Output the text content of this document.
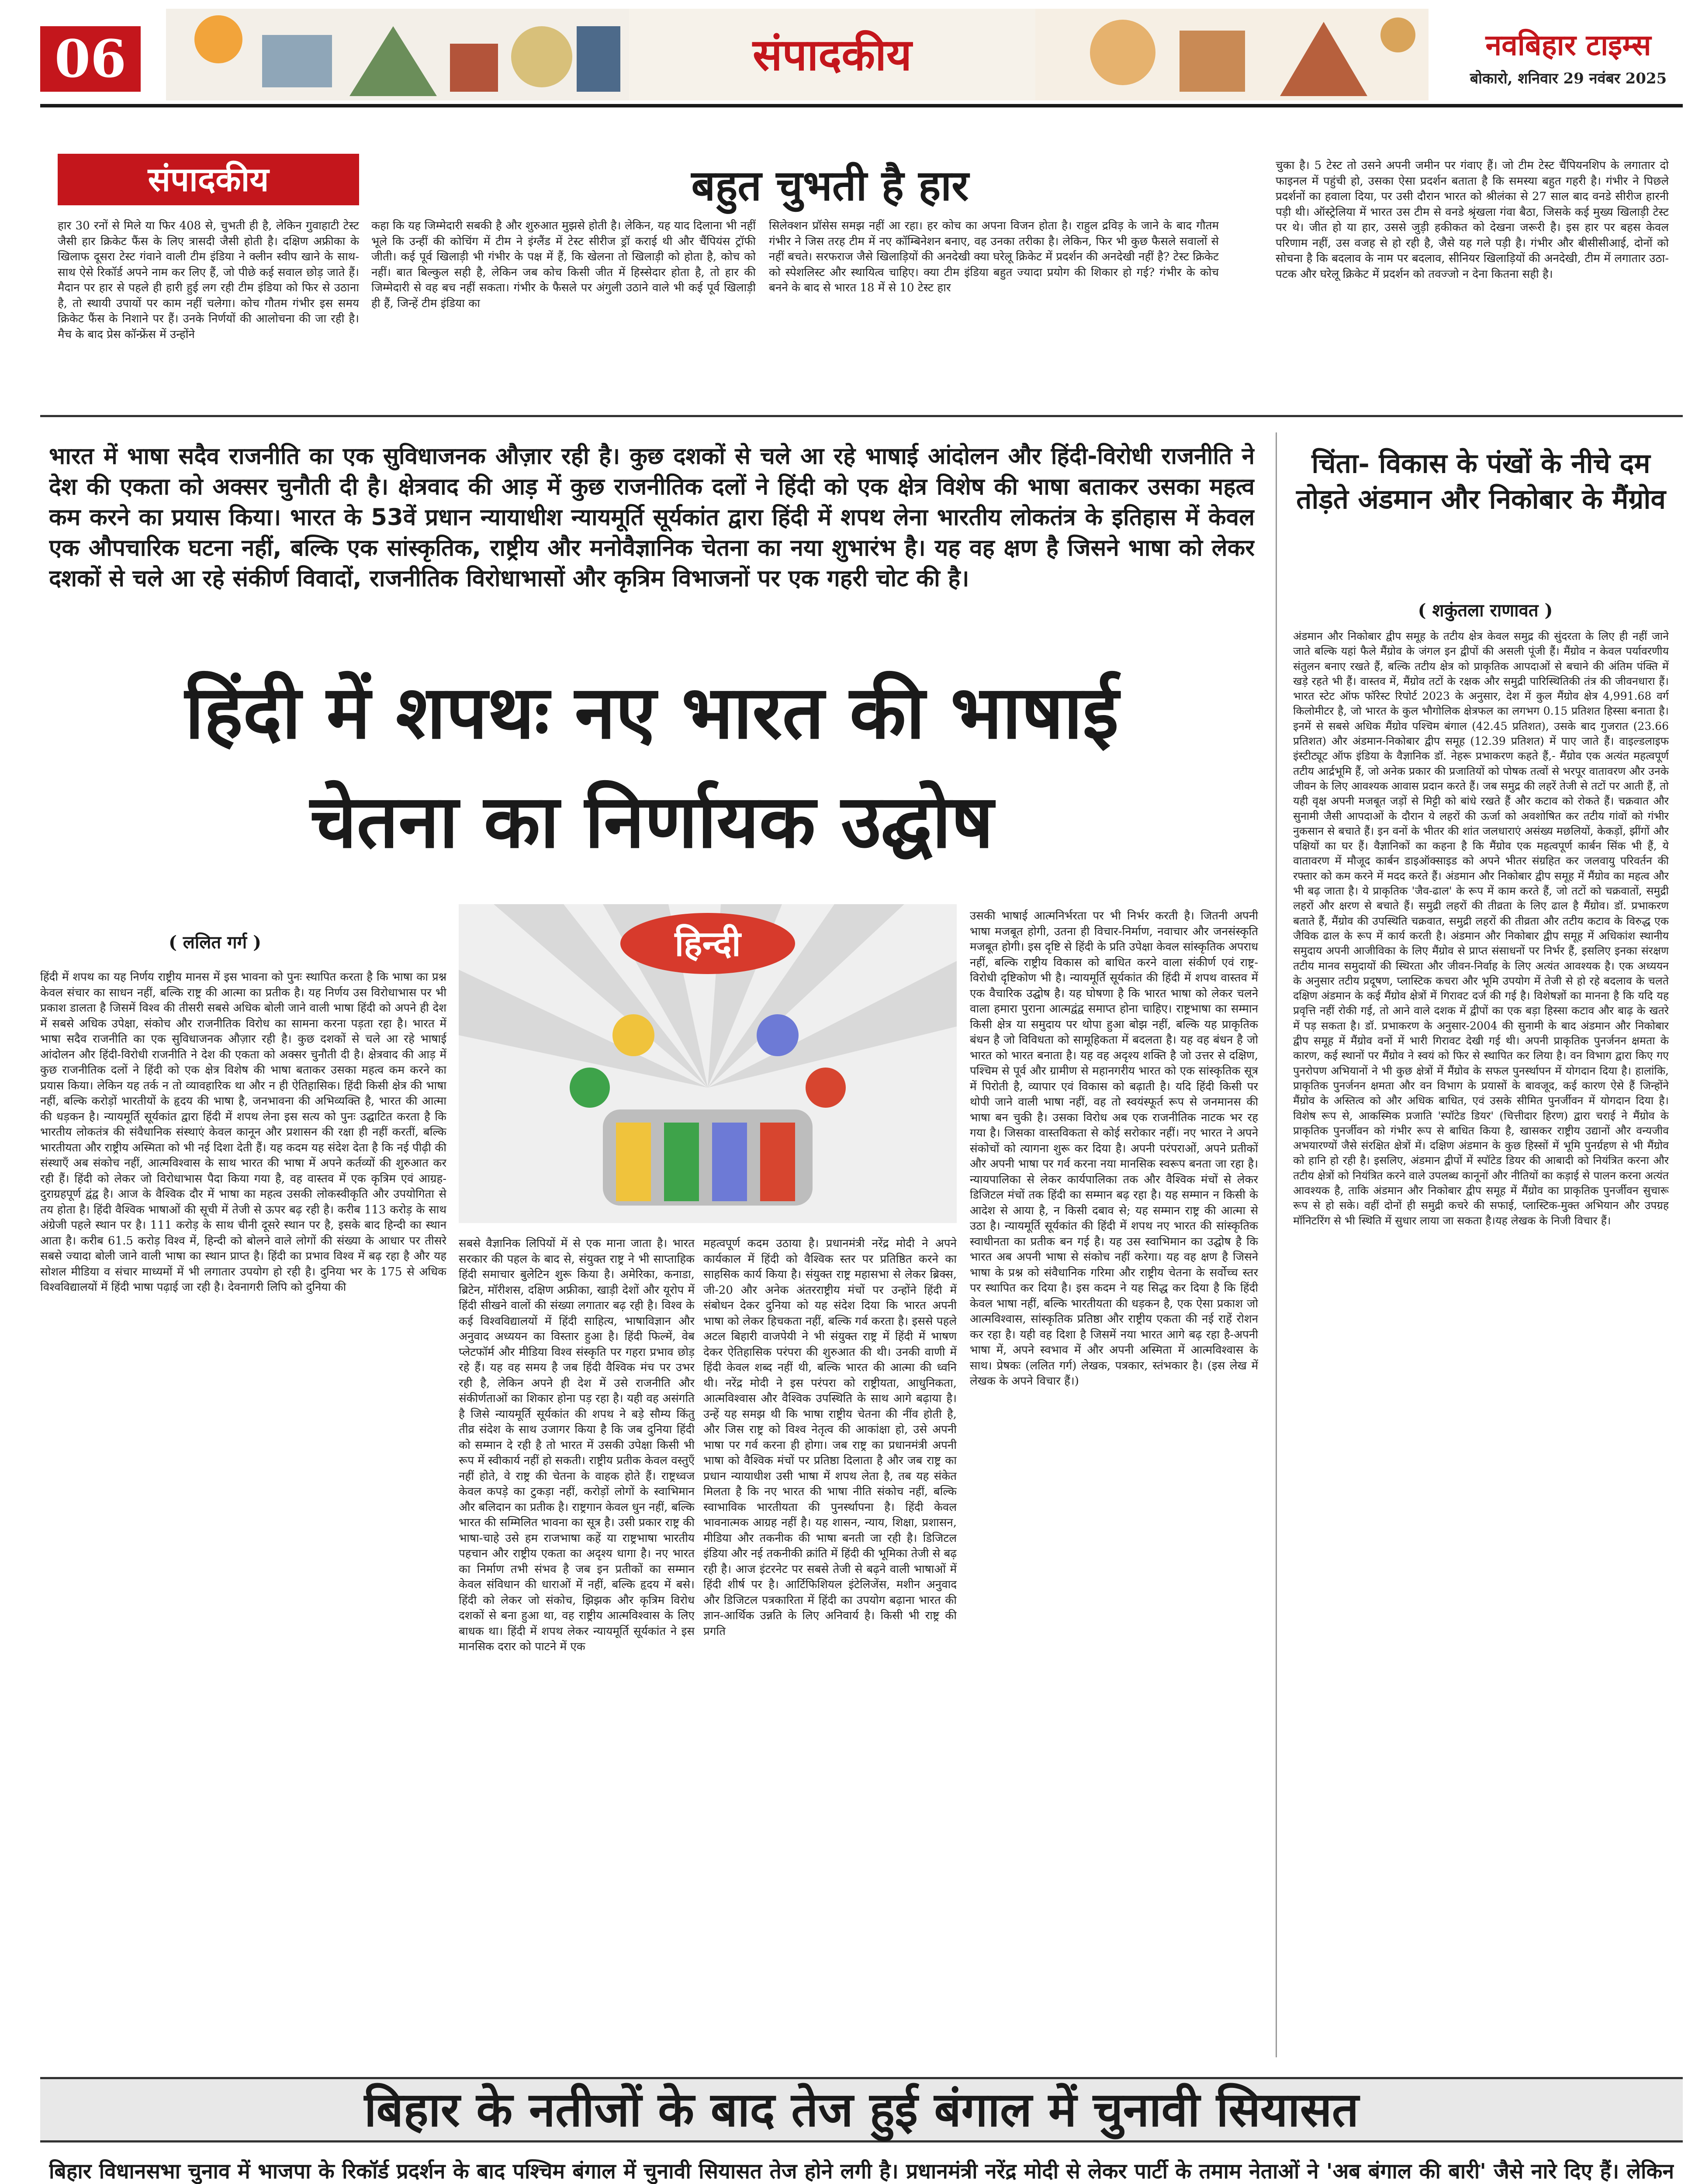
06	संपादकीय	नवबिहार टाइम्स
बोकारो, शनिवार 29 नवंबर 2025
संपादकीय	बहुत चुभती है हार
हार 30 रनों से मिले या फिर 408 से, चुभती ही है, लेकिन गुवाहाटी टेस्ट जैसी हार क्रिकेट फैंस के लिए त्रासदी जैसी होती है। दक्षिण अफ्रीका के खिलाफ दूसरा टेस्ट गंवाने वाली टीम इंडिया ने क्लीन स्वीप खाने के साथ-साथ ऐसे रिकॉर्ड अपने नाम कर लिए हैं, जो पीछे कई सवाल छोड़ जाते हैं। मैदान पर हार से पहले ही हारी हुई लग रही टीम इंडिया को फिर से उठाना है, तो स्थायी उपायों पर काम नहीं चलेगा। कोच गौतम गंभीर इस समय क्रिकेट फैंस के निशाने पर हैं। उनके निर्णयों की आलोचना की जा रही है। मैच के बाद प्रेस कॉन्फ्रेंस में उन्होंने
कहा कि यह जिम्मेदारी सबकी है और शुरुआत मुझसे होती है। लेकिन, यह याद दिलाना भी नहीं भूले कि उन्हीं की कोचिंग में टीम ने इंग्लैंड में टेस्ट सीरीज ड्रॉ कराई थी और चैंपियंस ट्रॉफी जीती। कई पूर्व खिलाड़ी भी गंभीर के पक्ष में हैं, कि खेलना तो खिलाड़ी को होता है, कोच को नहीं। बात बिल्कुल सही है, लेकिन जब कोच किसी जीत में हिस्सेदार होता है, तो हार की जिम्मेदारी से वह बच नहीं सकता। गंभीर के फैसले पर अंगुली उठाने वाले भी कई पूर्व खिलाड़ी ही हैं, जिन्हें टीम इंडिया का
सिलेक्शन प्रॉसेस समझ नहीं आ रहा। हर कोच का अपना विजन होता है। राहुल द्रविड़ के जाने के बाद गौतम गंभीर ने जिस तरह टीम में नए कॉम्बिनेशन बनाए, वह उनका तरीका है। लेकिन, फिर भी कुछ फैसले सवालों से नहीं बचते। सरफराज जैसे खिलाड़ियों की अनदेखी क्या घरेलू क्रिकेट में प्रदर्शन की अनदेखी नहीं है? टेस्ट क्रिकेट को स्पेशलिस्ट और स्थायित्व चाहिए। क्या टीम इंडिया बहुत ज्यादा प्रयोग की शिकार हो गई? गंभीर के कोच बनने के बाद से भारत 18 में से 10 टेस्ट हार
चुका है। 5 टेस्ट तो उसने अपनी जमीन पर गंवाए हैं। जो टीम टेस्ट चैंपियनशिप के लगातार दो फाइनल में पहुंची हो, उसका ऐसा प्रदर्शन बताता है कि समस्या बहुत गहरी है। गंभीर ने पिछले प्रदर्शनों का हवाला दिया, पर उसी दौरान भारत को श्रीलंका से 27 साल बाद वनडे सीरीज हारनी पड़ी थी। ऑस्ट्रेलिया में भारत उस टीम से वनडे श्रृंखला गंवा बैठा, जिसके कई मुख्य खिलाड़ी टेस्ट पर थे। जीत हो या हार, उससे जुड़ी हकीकत को देखना जरूरी है। इस हार पर बहस केवल परिणाम नहीं, उस वजह से हो रही है, जैसे यह गले पड़ी है। गंभीर और बीसीसीआई, दोनों को सोचना है कि बदलाव के नाम पर बदलाव, सीनियर खिलाड़ियों की अनदेखी, टीम में लगातार उठा-पटक और घरेलू क्रिकेट में प्रदर्शन को तवज्जो न देना कितना सही है।
भारत में भाषा सदैव राजनीति का एक सुविधाजनक औज़ार रही है। कुछ दशकों से चले आ रहे भाषाई आंदोलन और हिंदी-विरोधी राजनीति ने देश की एकता को अक्सर चुनौती दी है। क्षेत्रवाद की आड़ में कुछ राजनीतिक दलों ने हिंदी को एक क्षेत्र विशेष की भाषा बताकर उसका महत्व कम करने का प्रयास किया। भारत के 53वें प्रधान न्यायाधीश न्यायमूर्ति सूर्यकांत द्वारा हिंदी में शपथ लेना भारतीय लोकतंत्र के इतिहास में केवल एक औपचारिक घटना नहीं, बल्कि एक सांस्कृतिक, राष्ट्रीय और मनोवैज्ञानिक चेतना का नया शुभारंभ है। यह वह क्षण है जिसने भाषा को लेकर दशकों से चले आ रहे संकीर्ण विवादों, राजनीतिक विरोधाभासों और कृत्रिम विभाजनों पर एक गहरी चोट की है।
हिंदी में शपथः नए भारत की भाषाई
चेतना का निर्णायक उद्घोष
( ललित गर्ग )	हिन्दी
हिंदी में शपथ का यह निर्णय राष्ट्रीय मानस में इस भावना को पुनः स्थापित करता है कि भाषा का प्रश्न केवल संचार का साधन नहीं, बल्कि राष्ट्र की आत्मा का प्रतीक है। यह निर्णय उस विरोधाभास पर भी प्रकाश डालता है जिसमें विश्व की तीसरी सबसे अधिक बोली जाने वाली भाषा हिंदी को अपने ही देश में सबसे अधिक उपेक्षा, संकोच और राजनीतिक विरोध का सामना करना पड़ता रहा है। भारत में भाषा सदैव राजनीति का एक सुविधाजनक औज़ार रही है। कुछ दशकों से चले आ रहे भाषाई आंदोलन और हिंदी-विरोधी राजनीति ने देश की एकता को अक्सर चुनौती दी है। क्षेत्रवाद की आड़ में कुछ राजनीतिक दलों ने हिंदी को एक क्षेत्र विशेष की भाषा बताकर उसका महत्व कम करने का प्रयास किया। लेकिन यह तर्क न तो व्यावहारिक था और न ही ऐतिहासिक। हिंदी किसी क्षेत्र की भाषा नहीं, बल्कि करोड़ों भारतीयों के हृदय की भाषा है, जनभावना की अभिव्यक्ति है, भारत की आत्मा की धड़कन है। न्यायमूर्ति सूर्यकांत द्वारा हिंदी में शपथ लेना इस सत्य को पुनः उद्घाटित करता है कि भारतीय लोकतंत्र की संवैधानिक संस्थाएं केवल कानून और प्रशासन की रक्षा ही नहीं करतीं, बल्कि भारतीयता और राष्ट्रीय अस्मिता को भी नई दिशा देती हैं। यह कदम यह संदेश देता है कि नई पीढ़ी की संस्थाएँ अब संकोच नहीं, आत्मविश्वास के साथ भारत की भाषा में अपने कर्तव्यों की शुरुआत कर रही हैं। हिंदी को लेकर जो विरोधाभास पैदा किया गया है, वह वास्तव में एक कृत्रिम एवं आग्रह-दुराग्रहपूर्ण द्वंद्व है। आज के वैश्विक दौर में भाषा का महत्व उसकी लोकस्वीकृति और उपयोगिता से तय होता है। हिंदी वैश्विक भाषाओं की सूची में तेजी से ऊपर बढ़ रही है। करीब 113 करोड़ के साथ अंग्रेजी पहले स्थान पर है। 111 करोड़ के साथ चीनी दूसरे स्थान पर है, इसके बाद हिन्दी का स्थान आता है। करीब 61.5 करोड़ विश्व में, हिन्दी को बोलने वाले लोगों की संख्या के आधार पर तीसरे सबसे ज्यादा बोली जाने वाली भाषा का स्थान प्राप्त है। हिंदी का प्रभाव विश्व में बढ़ रहा है और यह सोशल मीडिया व संचार माध्यमों में भी लगातार उपयोग हो रही है। दुनिया भर के 175 से अधिक विश्वविद्यालयों में हिंदी भाषा पढ़ाई जा रही है। देवनागरी लिपि को दुनिया की
सबसे वैज्ञानिक लिपियों में से एक माना जाता है। भारत सरकार की पहल के बाद से, संयुक्त राष्ट्र ने भी साप्ताहिक हिंदी समाचार बुलेटिन शुरू किया है। अमेरिका, कनाडा, ब्रिटेन, मॉरीशस, दक्षिण अफ्रीका, खाड़ी देशों और यूरोप में हिंदी सीखने वालों की संख्या लगातार बढ़ रही है। विश्व के कई विश्वविद्यालयों में हिंदी साहित्य, भाषाविज्ञान और अनुवाद अध्ययन का विस्तार हुआ है। हिंदी फिल्में, वेब प्लेटफॉर्म और मीडिया विश्व संस्कृति पर गहरा प्रभाव छोड़ रहे हैं। यह वह समय है जब हिंदी वैश्विक मंच पर उभर रही है, लेकिन अपने ही देश में उसे राजनीति और संकीर्णताओं का शिकार होना पड़ रहा है। यही वह असंगति है जिसे न्यायमूर्ति सूर्यकांत की शपथ ने बड़े सौम्य किंतु तीव्र संदेश के साथ उजागर किया है कि जब दुनिया हिंदी को सम्मान दे रही है तो भारत में उसकी उपेक्षा किसी भी रूप में स्वीकार्य नहीं हो सकती। राष्ट्रीय प्रतीक केवल वस्तुएँ नहीं होते, वे राष्ट्र की चेतना के वाहक होते हैं। राष्ट्रध्वज केवल कपड़े का टुकड़ा नहीं, करोड़ों लोगों के स्वाभिमान और बलिदान का प्रतीक है। राष्ट्रगान केवल धुन नहीं, बल्कि भारत की सम्मिलित भावना का सूत्र है। उसी प्रकार राष्ट्र की भाषा-चाहे उसे हम राजभाषा कहें या राष्ट्रभाषा भारतीय पहचान और राष्ट्रीय एकता का अदृश्य धागा है। नए भारत का निर्माण तभी संभव है जब इन प्रतीकों का सम्मान केवल संविधान की धाराओं में नहीं, बल्कि हृदय में बसे। हिंदी को लेकर जो संकोच, झिझक और कृत्रिम विरोध दशकों से बना हुआ था, वह राष्ट्रीय आत्मविश्वास के लिए बाधक था। हिंदी में शपथ लेकर न्यायमूर्ति सूर्यकांत ने इस मानसिक दरार को पाटने में एक
महत्वपूर्ण कदम उठाया है। प्रधानमंत्री नरेंद्र मोदी ने अपने कार्यकाल में हिंदी को वैश्विक स्तर पर प्रतिष्ठित करने का साहसिक कार्य किया है। संयुक्त राष्ट्र महासभा से लेकर ब्रिक्स, जी-20 और अनेक अंतरराष्ट्रीय मंचों पर उन्होंने हिंदी में संबोधन देकर दुनिया को यह संदेश दिया कि भारत अपनी भाषा को लेकर हिचकता नहीं, बल्कि गर्व करता है। इससे पहले अटल बिहारी वाजपेयी ने भी संयुक्त राष्ट्र में हिंदी में भाषण देकर ऐतिहासिक परंपरा की शुरुआत की थी। उनकी वाणी में हिंदी केवल शब्द नहीं थी, बल्कि भारत की आत्मा की ध्वनि थी। नरेंद्र मोदी ने इस परंपरा को राष्ट्रीयता, आधुनिकता, आत्मविश्वास और वैश्विक उपस्थिति के साथ आगे बढ़ाया है। उन्हें यह समझ थी कि भाषा राष्ट्रीय चेतना की नींव होती है, और जिस राष्ट्र को विश्व नेतृत्व की आकांक्षा हो, उसे अपनी भाषा पर गर्व करना ही होगा। जब राष्ट्र का प्रधानमंत्री अपनी भाषा को वैश्विक मंचों पर प्रतिष्ठा दिलाता है और जब राष्ट्र का प्रधान न्यायाधीश उसी भाषा में शपथ लेता है, तब यह संकेत मिलता है कि नए भारत की भाषा नीति संकोच नहीं, बल्कि स्वाभाविक भारतीयता की पुनर्स्थापना है। हिंदी केवल भावनात्मक आग्रह नहीं है। यह शासन, न्याय, शिक्षा, प्रशासन, मीडिया और तकनीक की भाषा बनती जा रही है। डिजिटल इंडिया और नई तकनीकी क्रांति में हिंदी की भूमिका तेजी से बढ़ रही है। आज इंटरनेट पर सबसे तेजी से बढ़ने वाली भाषाओं में हिंदी शीर्ष पर है। आर्टिफिशियल इंटेलिजेंस, मशीन अनुवाद और डिजिटल पत्रकारिता में हिंदी का उपयोग बढ़ाना भारत की ज्ञान-आर्थिक उन्नति के लिए अनिवार्य है। किसी भी राष्ट्र की प्रगति
उसकी भाषाई आत्मनिर्भरता पर भी निर्भर करती है। जितनी अपनी भाषा मजबूत होगी, उतना ही विचार-निर्माण, नवाचार और जनसंस्कृति मजबूत होगी। इस दृष्टि से हिंदी के प्रति उपेक्षा केवल सांस्कृतिक अपराध नहीं, बल्कि राष्ट्रीय विकास को बाधित करने वाला संकीर्ण एवं राष्ट्र-विरोधी दृष्टिकोण भी है। न्यायमूर्ति सूर्यकांत की हिंदी में शपथ वास्तव में एक वैचारिक उद्घोष है। यह घोषणा है कि भारत भाषा को लेकर चलने वाला हमारा पुराना आत्मद्वंद्व समाप्त होना चाहिए। राष्ट्रभाषा का सम्मान किसी क्षेत्र या समुदाय पर थोपा हुआ बोझ नहीं, बल्कि यह प्राकृतिक बंधन है जो विविधता को सामूहिकता में बदलता है। यह वह बंधन है जो भारत को भारत बनाता है। यह वह अदृश्य शक्ति है जो उत्तर से दक्षिण, पश्चिम से पूर्व और ग्रामीण से महानगरीय भारत को एक सांस्कृतिक सूत्र में पिरोती है, व्यापार एवं विकास को बढ़ाती है। यदि हिंदी किसी पर थोपी जाने वाली भाषा नहीं, वह तो स्वयंस्फूर्त रूप से जनमानस की भाषा बन चुकी है। उसका विरोध अब एक राजनीतिक नाटक भर रह गया है। जिसका वास्तविकता से कोई सरोकार नहीं। नए भारत ने अपने संकोचों को त्यागना शुरू कर दिया है। अपनी परंपराओं, अपने प्रतीकों और अपनी भाषा पर गर्व करना नया मानसिक स्वरूप बनता जा रहा है। न्यायपालिका से लेकर कार्यपालिका तक और वैश्विक मंचों से लेकर डिजिटल मंचों तक हिंदी का सम्मान बढ़ रहा है। यह सम्मान न किसी के आदेश से आया है, न किसी दबाव से; यह सम्मान राष्ट्र की आत्मा से उठा है। न्यायमूर्ति सूर्यकांत की हिंदी में शपथ नए भारत की सांस्कृतिक स्वाधीनता का प्रतीक बन गई है। यह उस स्वाभिमान का उद्घोष है कि भारत अब अपनी भाषा से संकोच नहीं करेगा। यह वह क्षण है जिसने भाषा के प्रश्न को संवैधानिक गरिमा और राष्ट्रीय चेतना के सर्वोच्च स्तर पर स्थापित कर दिया है। इस कदम ने यह सिद्ध कर दिया है कि हिंदी केवल भाषा नहीं, बल्कि भारतीयता की धड़कन है, एक ऐसा प्रकाश जो आत्मविश्वास, सांस्कृतिक प्रतिष्ठा और राष्ट्रीय एकता की नई राहें रोशन कर रहा है। यही वह दिशा है जिसमें नया भारत आगे बढ़ रहा है-अपनी भाषा में, अपने स्वभाव में और अपनी अस्मिता में आत्मविश्वास के साथ। प्रेषकः (ललित गर्ग) लेखक, पत्रकार, स्तंभकार है। (इस लेख में लेखक के अपने विचार हैं।)
चिंता- विकास के पंखों के नीचे दम तोड़ते अंडमान और निकोबार के मैंग्रोव
( शकुंतला राणावत )
अंडमान और निकोबार द्वीप समूह के तटीय क्षेत्र केवल समुद्र की सुंदरता के लिए ही नहीं जाने जाते बल्कि यहां फैले मैंग्रोव के जंगल इन द्वीपों की असली पूंजी हैं। मैंग्रोव न केवल पर्यावरणीय संतुलन बनाए रखते हैं, बल्कि तटीय क्षेत्र को प्राकृतिक आपदाओं से बचाने की अंतिम पंक्ति में खड़े रहते भी हैं। वास्तव में, मैंग्रोव तटों के रक्षक और समुद्री पारिस्थितिकी तंत्र की जीवनधारा हैं। भारत स्टेट ऑफ फॉरेस्ट रिपोर्ट 2023 के अनुसार, देश में कुल मैंग्रोव क्षेत्र 4,991.68 वर्ग किलोमीटर है, जो भारत के कुल भौगोलिक क्षेत्रफल का लगभग 0.15 प्रतिशत हिस्सा बनाता है। इनमें से सबसे अधिक मैंग्रोव पश्चिम बंगाल (42.45 प्रतिशत), उसके बाद गुजरात (23.66 प्रतिशत) और अंडमान-निकोबार द्वीप समूह (12.39 प्रतिशत) में पाए जाते हैं। वाइल्डलाइफ इंस्टीट्यूट ऑफ इंडिया के वैज्ञानिक डॉ. नेहरू प्रभाकरण कहते हैं,- मैंग्रोव एक अत्यंत महत्वपूर्ण तटीय आर्द्रभूमि हैं, जो अनेक प्रकार की प्रजातियों को पोषक तत्वों से भरपूर वातावरण और उनके जीवन के लिए आवश्यक आवास प्रदान करते हैं। जब समुद्र की लहरें तेजी से तटों पर आती हैं, तो यही वृक्ष अपनी मजबूत जड़ों से मिट्टी को बांधे रखते हैं और कटाव को रोकते हैं। चक्रवात और सुनामी जैसी आपदाओं के दौरान ये लहरों की ऊर्जा को अवशोषित कर तटीय गांवों को गंभीर नुकसान से बचाते हैं। इन वनों के भीतर की शांत जलधाराएं असंख्य मछलियों, केकड़ों, झींगों और पक्षियों का घर हैं। वैज्ञानिकों का कहना है कि मैंग्रोव एक महत्वपूर्ण कार्बन सिंक भी हैं, ये वातावरण में मौजूद कार्बन डाइऑक्साइड को अपने भीतर संग्रहित कर जलवायु परिवर्तन की रफ्तार को कम करने में मदद करते हैं। अंडमान और निकोबार द्वीप समूह में मैंग्रोव का महत्व और भी बढ़ जाता है। ये प्राकृतिक 'जैव-ढाल' के रूप में काम करते हैं, जो तटों को चक्रवातों, समुद्री लहरों और क्षरण से बचाते हैं। समुद्री लहरों की तीव्रता के लिए ढाल है मैंग्रोव। डॉ. प्रभाकरण बताते हैं, मैंग्रोव की उपस्थिति चक्रवात, समुद्री लहरों की तीव्रता और तटीय कटाव के विरुद्ध एक जैविक ढाल के रूप में कार्य करती है। अंडमान और निकोबार द्वीप समूह में अधिकांश स्थानीय समुदाय अपनी आजीविका के लिए मैंग्रोव से प्राप्त संसाधनों पर निर्भर हैं, इसलिए इनका संरक्षण तटीय मानव समुदायों की स्थिरता और जीवन-निर्वाह के लिए अत्यंत आवश्यक है। एक अध्ययन के अनुसार तटीय प्रदूषण, प्लास्टिक कचरा और भूमि उपयोग में तेजी से हो रहे बदलाव के चलते दक्षिण अंडमान के कई मैंग्रोव क्षेत्रों में गिरावट दर्ज की गई है। विशेषज्ञों का मानना है कि यदि यह प्रवृत्ति नहीं रोकी गई, तो आने वाले दशक में द्वीपों का एक बड़ा हिस्सा कटाव और बाढ़ के खतरे में पड़ सकता है। डॉ. प्रभाकरण के अनुसार-2004 की सुनामी के बाद अंडमान और निकोबार द्वीप समूह में मैंग्रोव वनों में भारी गिरावट देखी गई थी। अपनी प्राकृतिक पुनर्जनन क्षमता के कारण, कई स्थानों पर मैंग्रोव ने स्वयं को फिर से स्थापित कर लिया है। वन विभाग द्वारा किए गए पुनरोपण अभियानों ने भी कुछ क्षेत्रों में मैंग्रोव के सफल पुनर्स्थापन में योगदान दिया है। हालांकि, प्राकृतिक पुनर्जनन क्षमता और वन विभाग के प्रयासों के बावजूद, कई कारण ऐसे हैं जिन्होंने मैंग्रोव के अस्तित्व को और अधिक बाधित, एवं उसके सीमित पुनर्जीवन में योगदान दिया है। विशेष रूप से, आकस्मिक प्रजाति 'स्पॉटेड डियर' (चित्तीदार हिरण) द्वारा चराई ने मैंग्रोव के प्राकृतिक पुनर्जीवन को गंभीर रूप से बाधित किया है, खासकर राष्ट्रीय उद्यानों और वन्यजीव अभयारण्यों जैसे संरक्षित क्षेत्रों में। दक्षिण अंडमान के कुछ हिस्सों में भूमि पुनर्ग्रहण से भी मैंग्रोव को हानि हो रही है। इसलिए, अंडमान द्वीपों में स्पॉटेड डियर की आबादी को नियंत्रित करना और तटीय क्षेत्रों को नियंत्रित करने वाले उपलब्ध कानूनों और नीतियों का कड़ाई से पालन करना अत्यंत आवश्यक है, ताकि अंडमान और निकोबार द्वीप समूह में मैंग्रोव का प्राकृतिक पुनर्जीवन सुचारू रूप से हो सके। वहीं दोनों ही समुद्री कचरे की सफाई, प्लास्टिक-मुक्त अभियान और उपग्रह मॉनिटरिंग से भी स्थिति में सुधार लाया जा सकता है।यह लेखक के निजी विचार हैं।
बिहार के नतीजों के बाद तेज हुई बंगाल में चुनावी सियासत
बिहार विधानसभा चुनाव में भाजपा के रिकॉर्ड प्रदर्शन के बाद पश्चिम बंगाल में चुनावी सियासत तेज होने लगी है। प्रधानमंत्री नरेंद्र मोदी से लेकर पार्टी के तमाम नेताओं ने 'अब बंगाल की बारी' जैसे नारे दिए हैं। लेकिन
